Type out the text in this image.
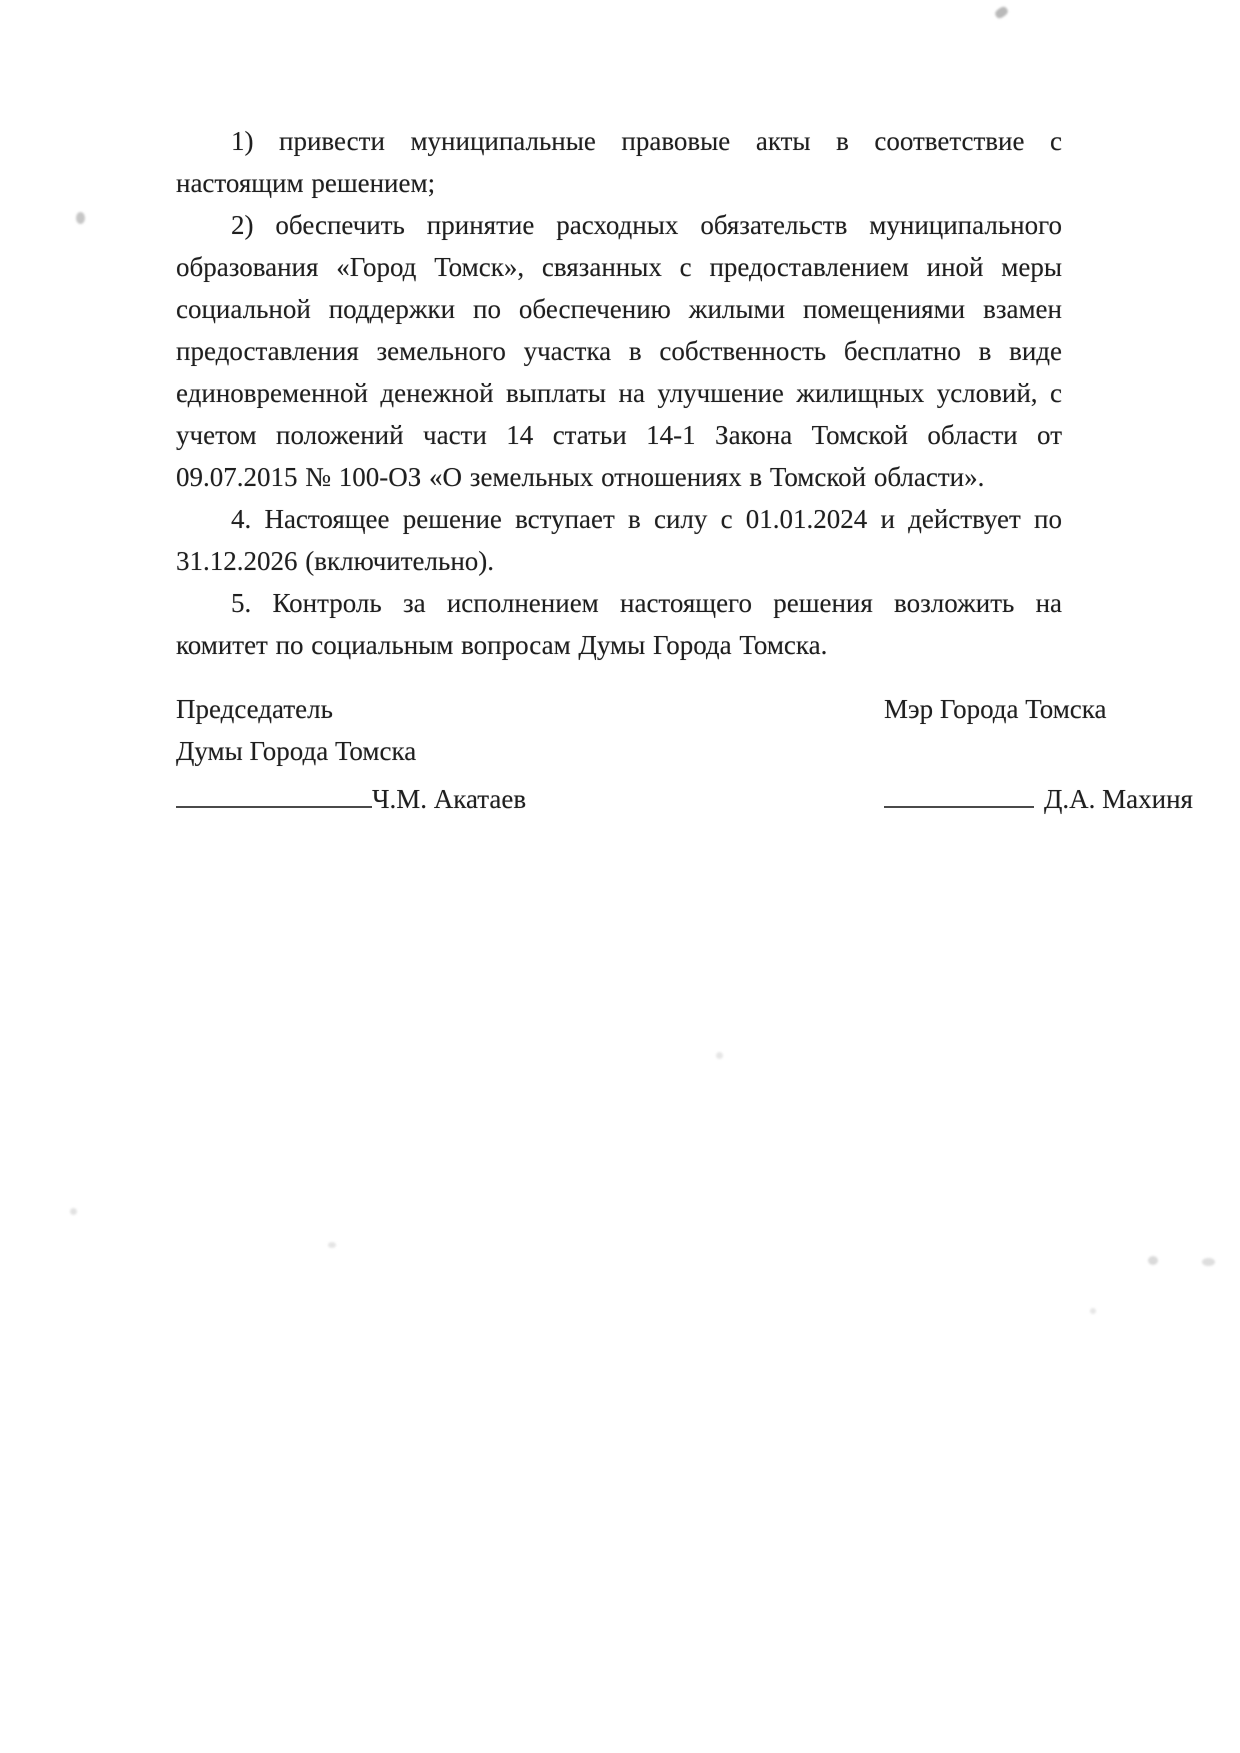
1) привести муниципальные правовые акты в соответствие с настоящим решением;

2) обеспечить принятие расходных обязательств муниципального образования «Город Томск», связанных с предоставлением иной меры социальной поддержки по обеспечению жилыми помещениями взамен предоставления земельного участка в собственность бесплатно в виде единовременной денежной выплаты на улучшение жилищных условий, с учетом положений части 14 статьи 14-1 Закона Томской области от 09.07.2015 № 100-ОЗ «О земельных отношениях в Томской области».

4. Настоящее решение вступает в силу с 01.01.2024 и действует по 31.12.2026 (включительно).

5. Контроль за исполнением настоящего решения возложить на комитет по социальным вопросам Думы Города Томска.

Председатель
Думы Города Томска
Ч.М. Акатаев
Мэр Города Томска
Д.А. Махиня
